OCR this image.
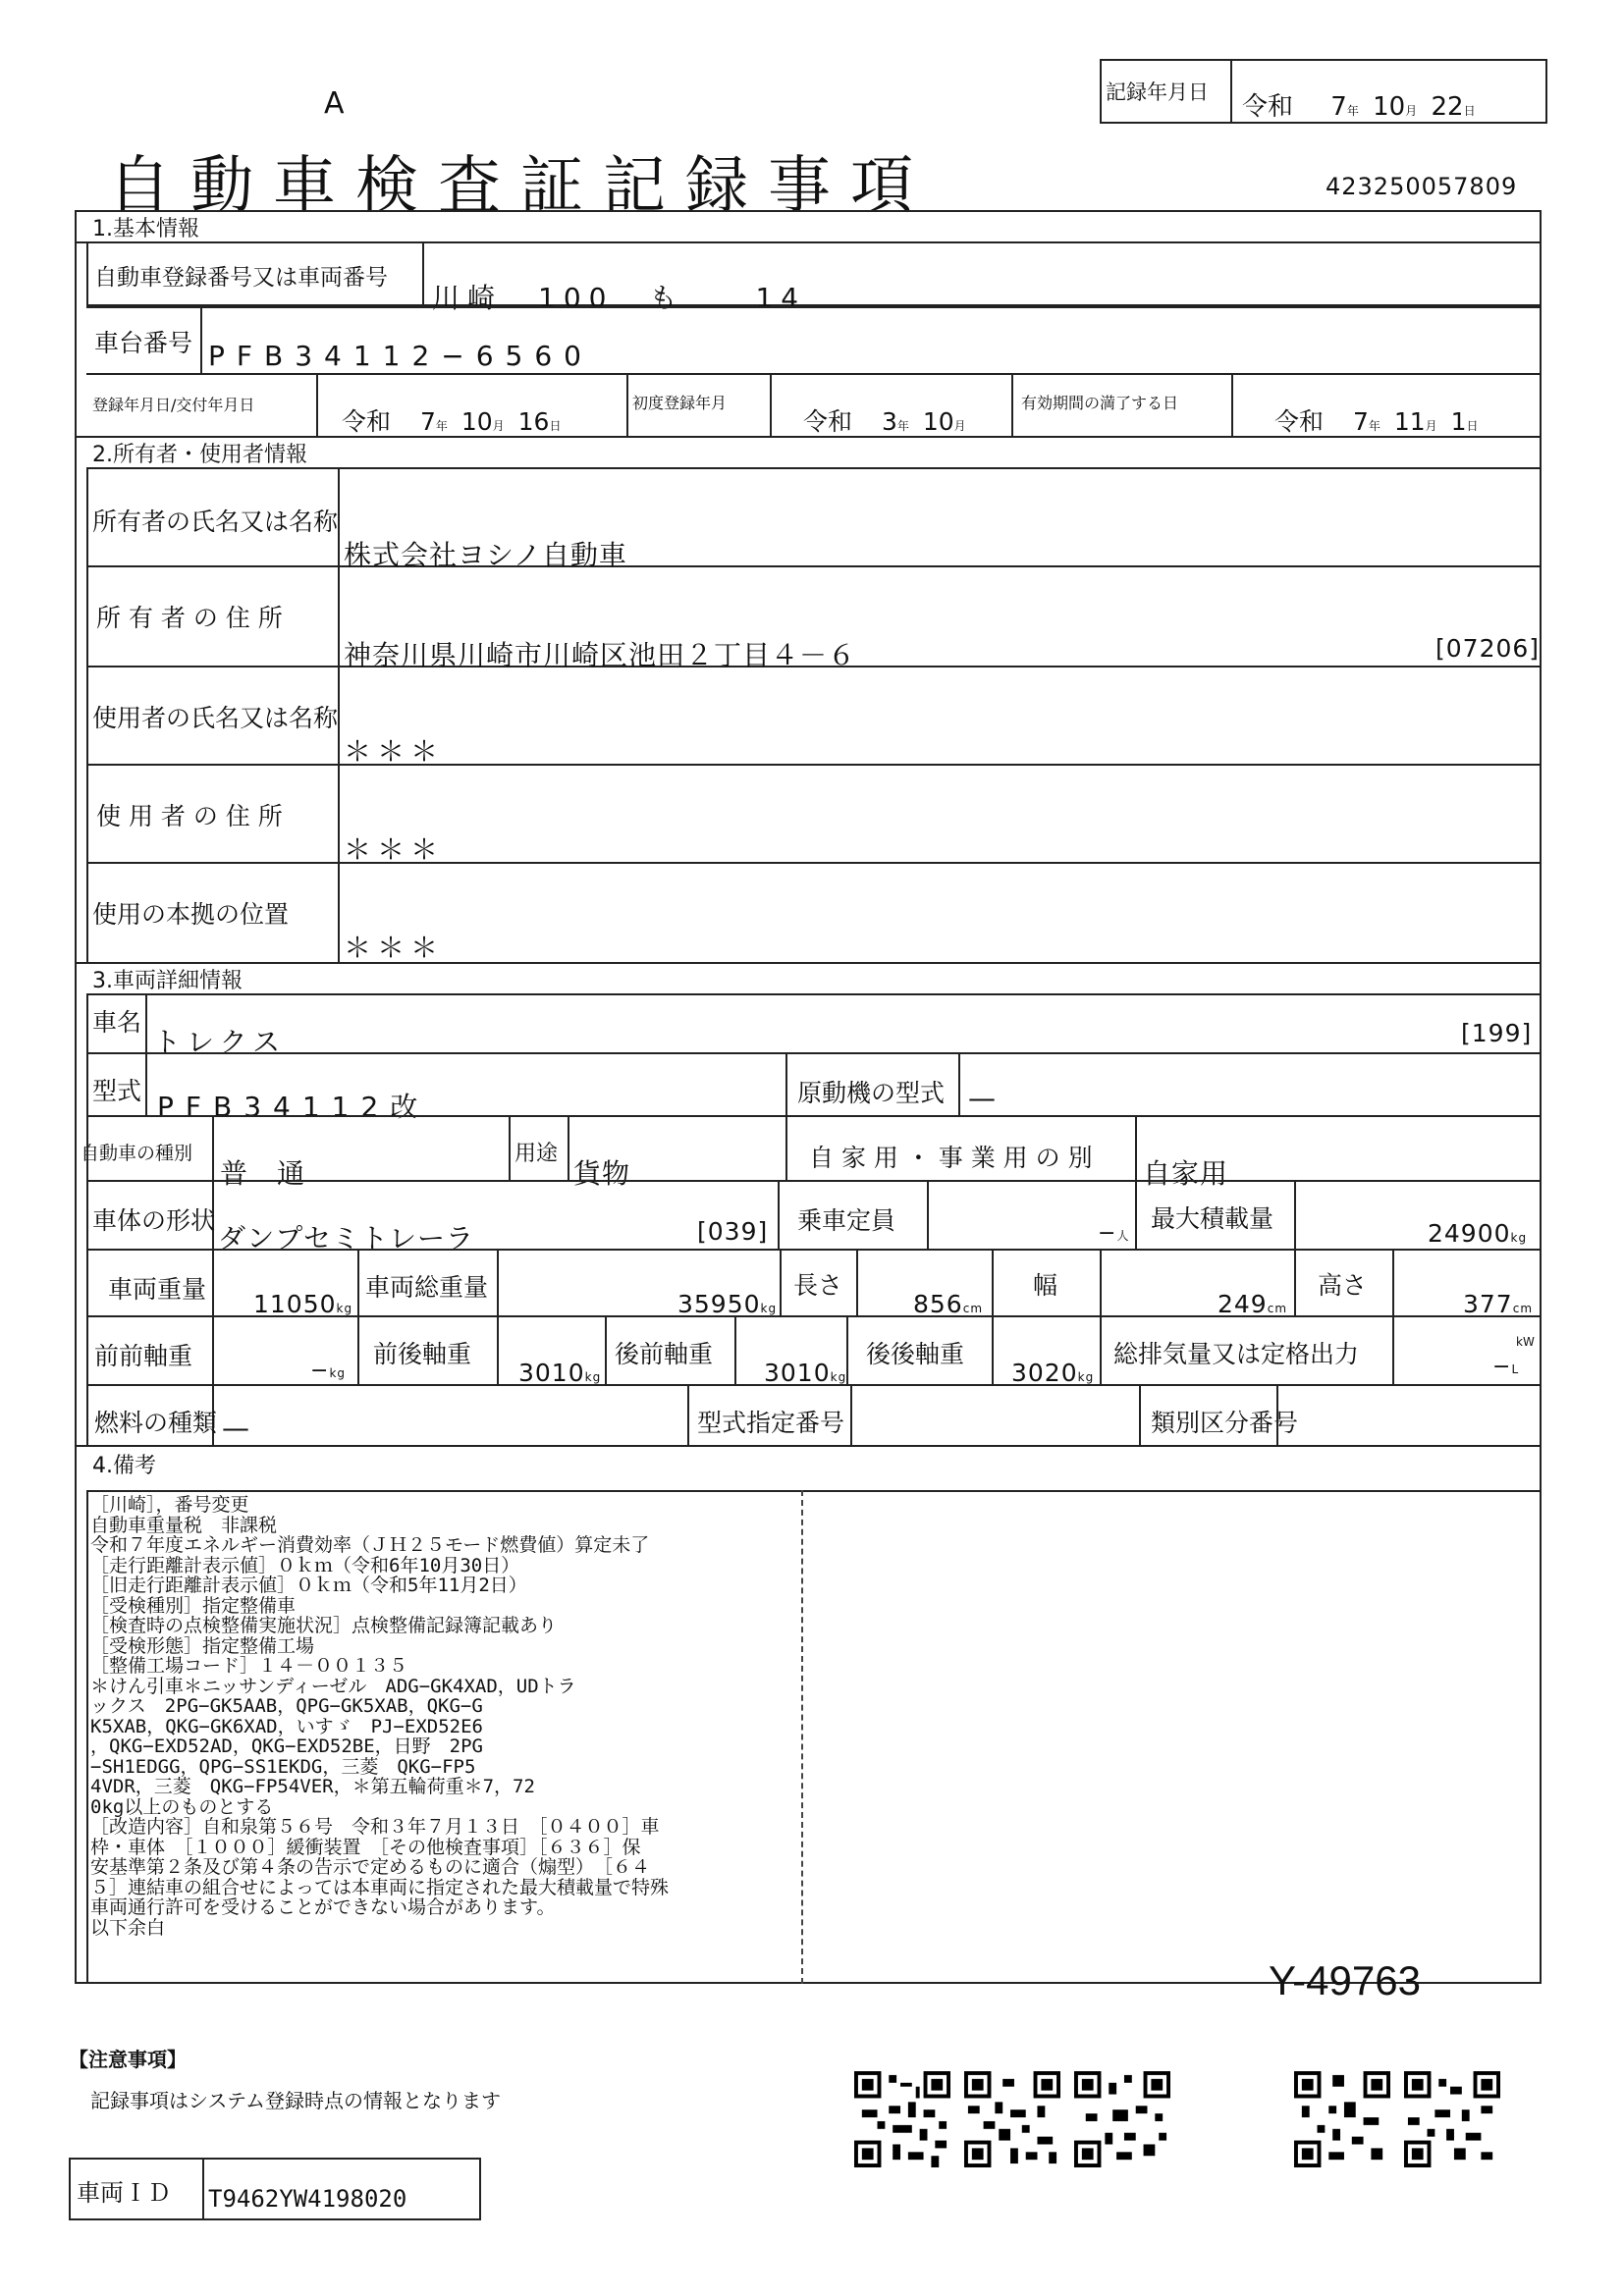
A	記録年月日 令和 7年 10月 22日
自動車検査証記録事項	423250057809
1.基本情報
自動車登録番号又は車両番号
川崎　100　も　　14
車台番号 PFB34112−6560
登録年月日/交付年月日
令和 7年 10月 16日
初度登録年月
令和 3年 10月
有効期間の満了する日
令和 7年 11月 1日
2.所有者・使用者情報
所有者の氏名又は名称
株式会社ヨシノ自動車
所 有 者 の 住 所
神奈川県川崎市川崎区池田２丁目４－６	[07206]
使用者の氏名又は名称
＊＊＊
使 用 者 の 住 所
＊＊＊
使用の本拠の位置
＊＊＊
3.車両詳細情報
車名
トレクス	[199]
型式 PFB34112改	原動機の型式 —
自動車の種別
普　通
用途
貨物	自 家 用 ・ 事 業 用 の 別 自家用
車体の形状
ダンプセミトレーラ	[039] 乗車定員	−人
最大積載量
24900kg
車両重量
11050kg
車両総重量
35950kg
長さ
856cm
幅
249cm
高さ
377cm
前前軸重
−kg
前後軸重
3010kg
後前軸重
3010kg
後後軸重
3020kg
総排気量又は定格出力	kW
−L
燃料の種類 —	型式指定番号	類別区分番号
4.備考
［川崎］，番号変更
自動車重量税　非課税
令和７年度エネルギー消費効率（ＪＨ２５モード燃費値）算定未了
［走行距離計表示値］０ｋｍ（令和6年10月30日）
［旧走行距離計表示値］０ｋｍ（令和5年11月2日）
［受検種別］指定整備車
［検査時の点検整備実施状況］点検整備記録簿記載あり
［受検形態］指定整備工場
［整備工場コード］１４－００１３５
＊けん引車＊ニッサンディーゼル　ADG−GK4XAD，UDトラ
ックス　2PG−GK5AAB，QPG−GK5XAB，QKG−G
K5XAB，QKG−GK6XAD，いすゞ　PJ−EXD52E6
，QKG−EXD52AD，QKG−EXD52BE，日野　2PG
−SH1EDGG，QPG−SS1EKDG，三菱　QKG−FP5
4VDR，三菱　QKG−FP54VER，＊第五輪荷重＊7，72
0kg以上のものとする
［改造内容］自和泉第５６号　令和３年７月１３日　［０４００］車
枠・車体　［１０００］緩衝装置　［その他検査事項］［６３６］保
安基準第２条及び第４条の告示で定めるものに適合（煽型）　［６４
５］連結車の組合せによっては本車両に指定された最大積載量で特殊
車両通行許可を受けることができない場合があります。
以下余白
Y-49763
【注意事項】
記録事項はシステム登録時点の情報となります
車両ＩＤ T9462YW4198020
